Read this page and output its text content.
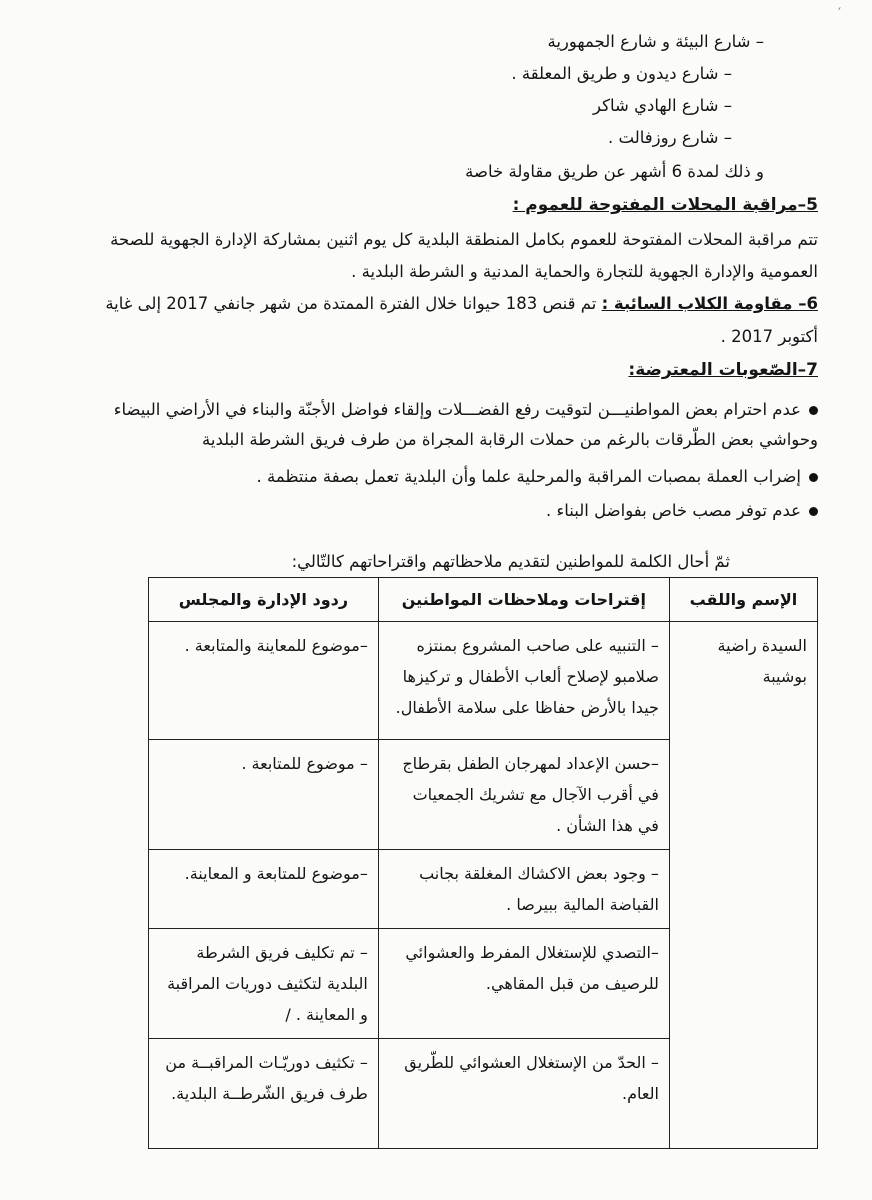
– شارع البيئة و شارع الجمهورية
– شارع ديدون و طريق المعلقة .
– شارع الهادي شاكر
– شارع روزفالت .
و ذلك لمدة 6 أشهر عن طريق مقاولة خاصة
5–مراقبة المحلات المفتوحة للعموم :
تتم مراقبة المحلات المفتوحة للعموم بكامل المنطقة البلدية كل يوم اثنين بمشاركة الإدارة الجهوية للصحة
العمومية والإدارة الجهوية للتجارة والحماية المدنية و الشرطة البلدية .
6– مقاومة الكلاب السائبة : تم قنص 183 حيوانا خلال الفترة الممتدة من شهر جانفي 2017 إلى غاية
أكتوبر 2017 .
7–الصّعوبات المعترضة:
عدم احترام بعض المواطنيـــن لتوقيت رفع الفضـــلات وإلقاء فواضل الأجنّة والبناء في الأراضي البيضاء
وحواشي بعض الطّرقات بالرغم من حملات الرقابة المجراة من طرف فريق الشرطة البلدية
إضراب العملة بمصبات المراقبة والمرحلية علما وأن البلدية تعمل بصفة منتظمة .
عدم توفر مصب خاص بفواضل البناء .
ثمّ أحال الكلمة للمواطنين لتقديم ملاحظاتهم واقتراحاتهم كالتّالي:
الإسم واللقب	إقتراحات وملاحظات المواطنين	ردود الإدارة والمجلس
السيدة راضية بوشيبة	– التنبيه على صاحب المشروع بمنتزه صلامبو لإصلاح ألعاب الأطفال و تركيزها جيدا بالأرض حفاظا على سلامة الأطفال.	–موضوع للمعاينة والمتابعة .
	–حسن الإعداد لمهرجان الطفل بقرطاج في أقرب الآجال مع تشريك الجمعيات في هذا الشأن .	– موضوع للمتابعة .
	– وجود بعض الاكشاك المغلقة بجانب القباضة المالية ببيرصا .	–موضوع للمتابعة و المعاينة.
	–التصدي للإستغلال المفرط والعشوائي للرصيف من قبل المقاهي.	– تم تكليف فريق الشرطة البلدية لتكثيف دوريات المراقبة و المعاينة . /
	– الحدّ من الإستغلال العشوائي للطّريق العام.	– تكثيف دوريّـات المراقبــة من طرف فريق الشّرطــة البلدية.
′
